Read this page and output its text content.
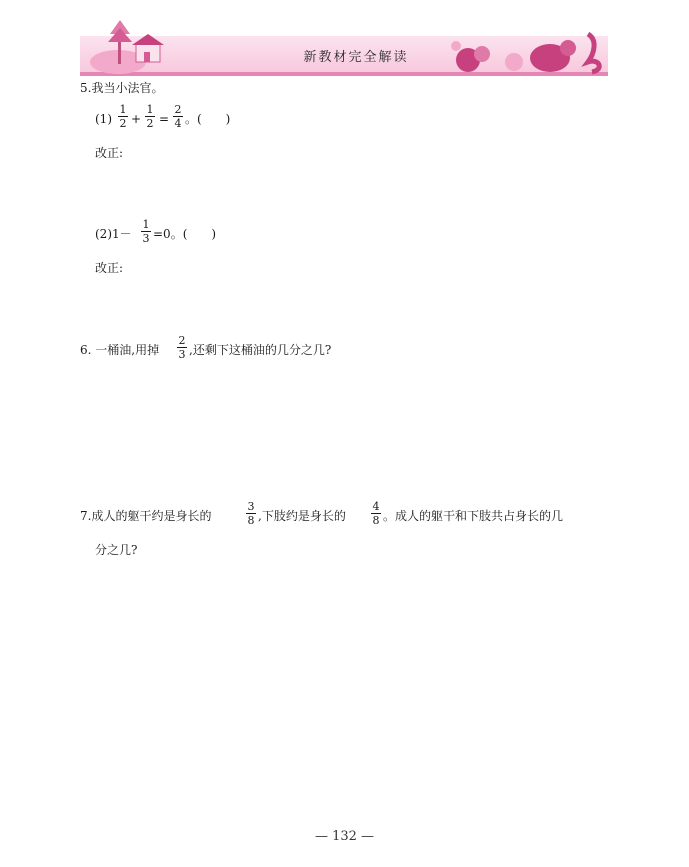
新教材完全解读
5.我当小法官。
(1)
1
2 +
1
2 =
2
4 。(　　)
改正:
(2)1－
1
3 =0。(　　)
改正:
6. 一桶油,用掉
2
3 ,还剩下这桶油的几分之几?
7.成人的躯干约是身长的
3
8 ,下肢约是身长的
4
8 。成人的躯干和下肢共占身长的几
分之几?
— 132 —
